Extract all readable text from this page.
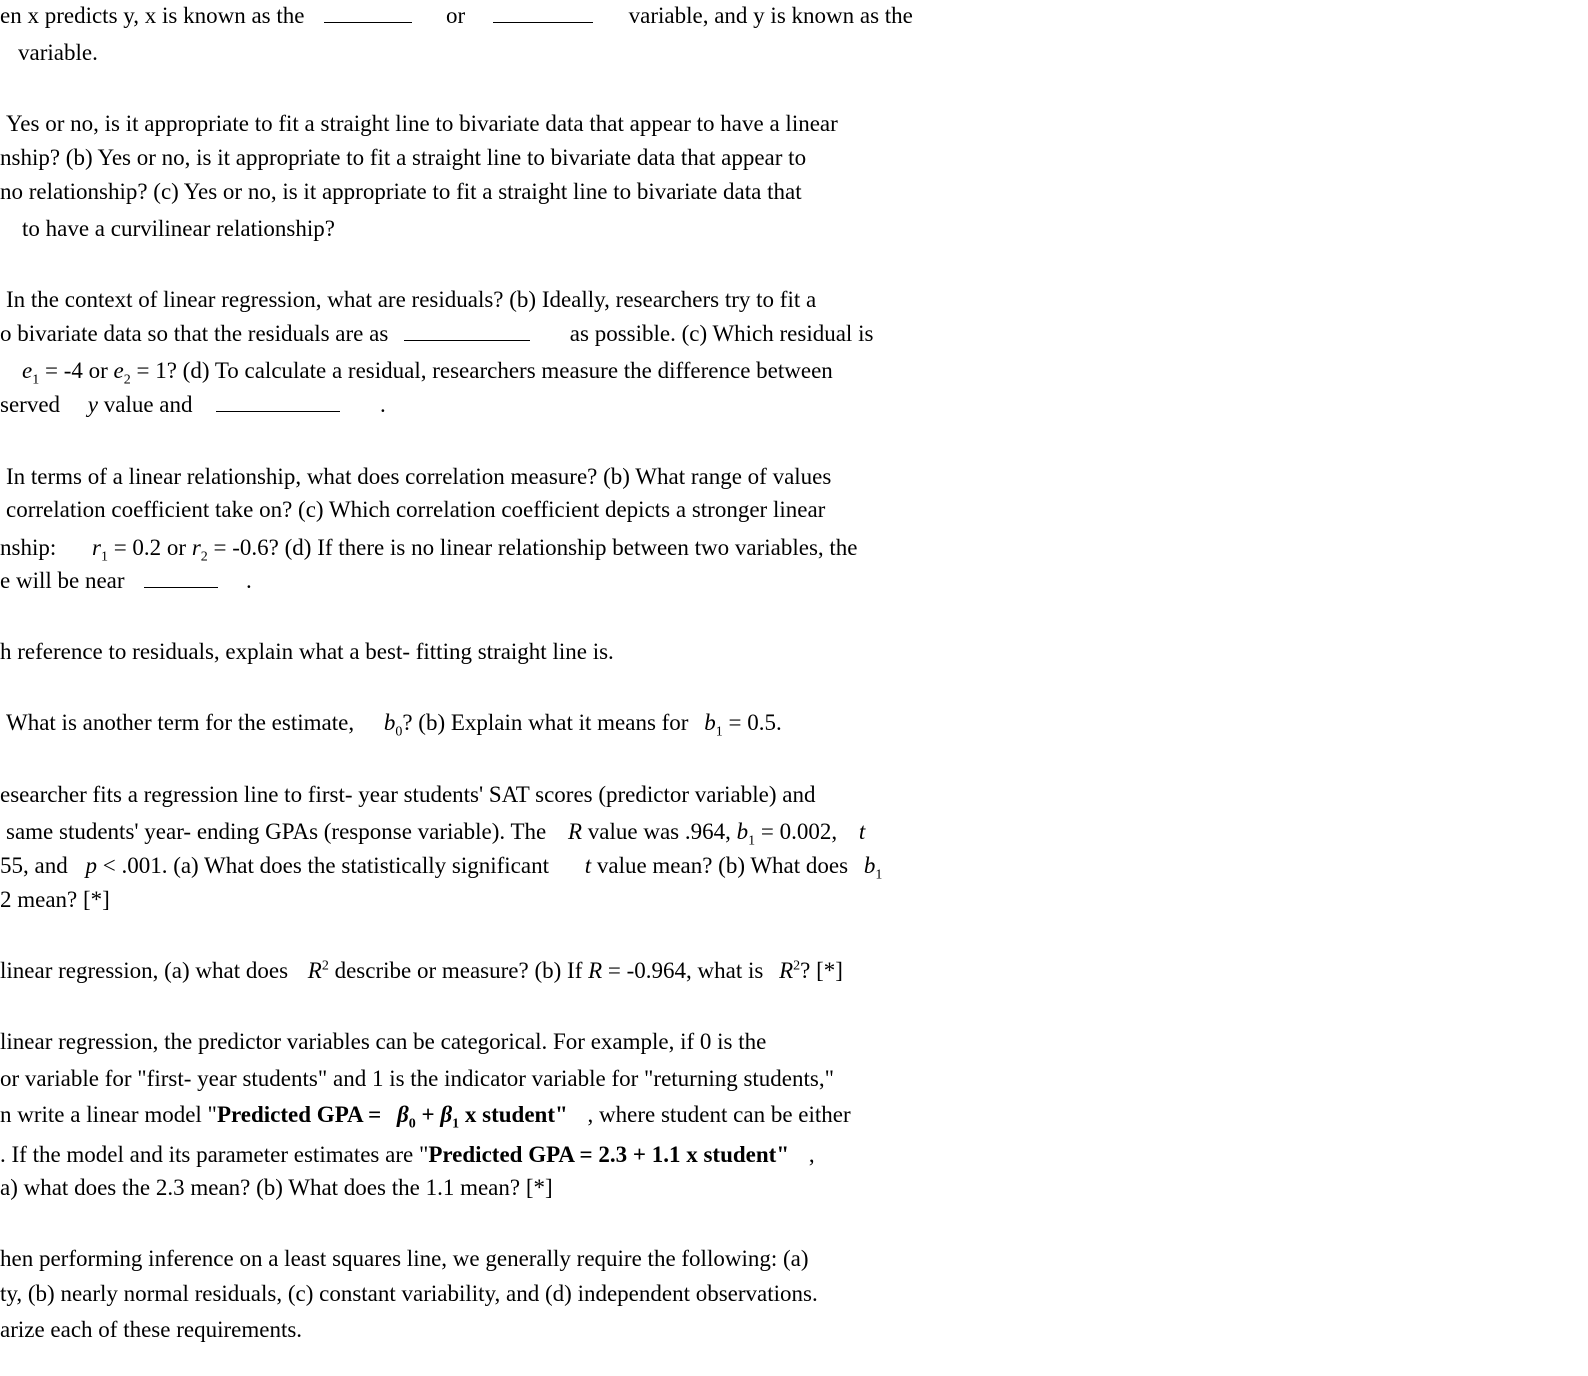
en x predicts y, x is known as the	or	variable, and y is known as the
variable.
Yes or no, is it appropriate to fit a straight line to bivariate data that appear to have a linear
nship? (b) Yes or no, is it appropriate to fit a straight line to bivariate data that appear to
no relationship? (c) Yes or no, is it appropriate to fit a straight line to bivariate data that
to have a curvilinear relationship?
In the context of linear regression, what are residuals? (b) Ideally, researchers try to fit a
o bivariate data so that the residuals are as	as possible. (c) Which residual is
$e_1 = -4$ or $e_2 = 1$? (d) To calculate a residual, researchers measure the difference between
served y value and	.
In terms of a linear relationship, what does correlation measure? (b) What range of values
correlation coefficient take on? (c) Which correlation coefficient depicts a stronger linear
nship: $r_1 = 0.2$ or $r_2 = -0.6$? (d) If there is no linear relationship between two variables, the
e will be near	.
h reference to residuals, explain what a best- fitting straight line is.
What is another term for the estimate, $b_0$? (b) Explain what it means for $b_1 = 0.5$.
esearcher fits a regression line to first- year students' SAT scores (predictor variable) and
same students' year- ending GPAs (response variable). The R value was .964, $b_1 = 0.002$, t
55, and p < .001. (a) What does the statistically significant t value mean? (b) What does $b_1$
2 mean? [*]
linear regression, (a) what does $R^2$ describe or measure? (b) If R = -0.964, what is $R^2$? [*]
linear regression, the predictor variables can be categorical. For example, if 0 is the
or variable for "first- year students" and 1 is the indicator variable for "returning students,"
n write a linear model "Predicted GPA = $\beta_0 + \beta_1$ x student" , where student can be either
. If the model and its parameter estimates are "Predicted GPA = 2.3 + 1.1 x student" ,
a) what does the 2.3 mean? (b) What does the 1.1 mean? [*]
hen performing inference on a least squares line, we generally require the following: (a)
ty, (b) nearly normal residuals, (c) constant variability, and (d) independent observations.
arize each of these requirements.
